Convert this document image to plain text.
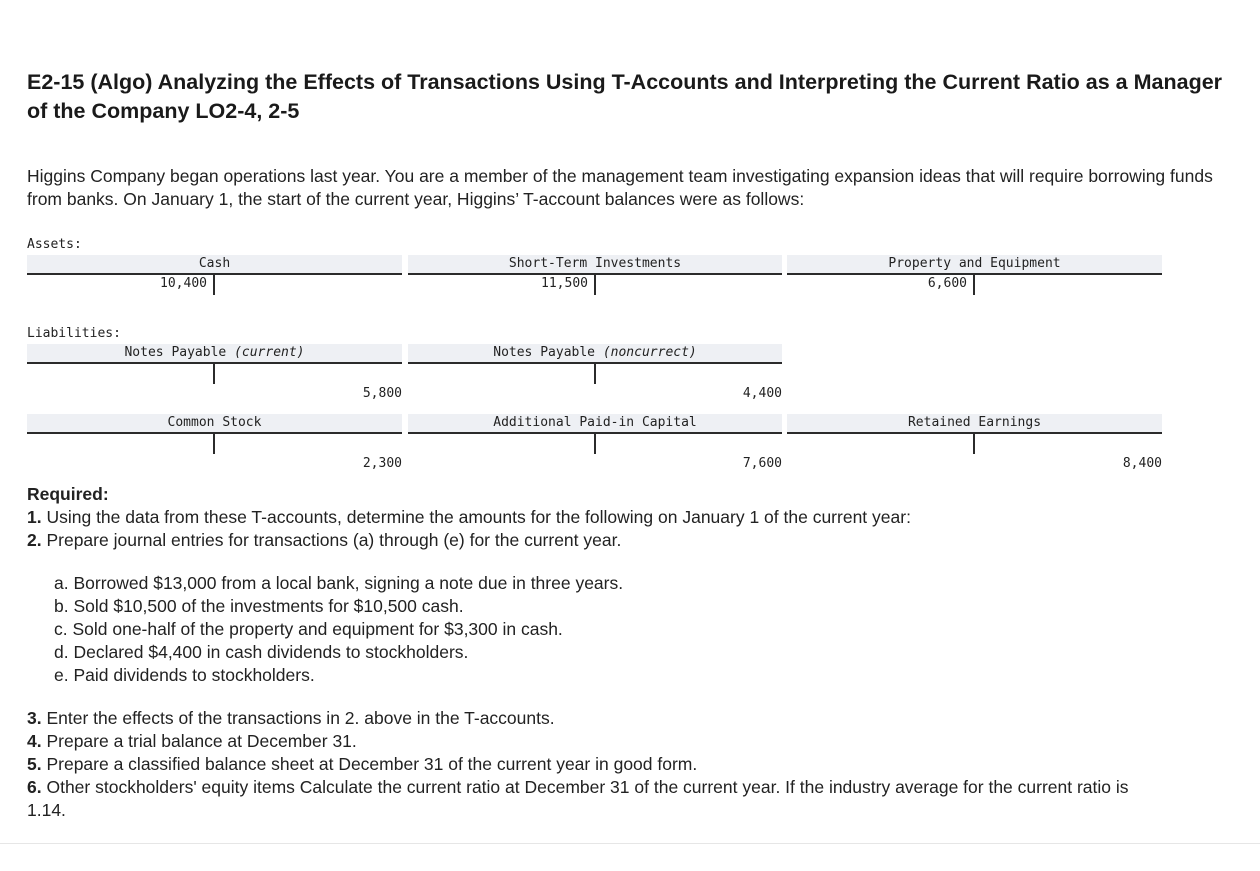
E2-15 (Algo) Analyzing the Effects of Transactions Using T-Accounts and Interpreting the Current Ratio as a Manager of the Company LO2-4, 2-5
Higgins Company began operations last year. You are a member of the management team investigating expansion ideas that will require borrowing funds from banks. On January 1, the start of the current year, Higgins’ T-account balances were as follows:
Assets:
Cash
10,400
Short-Term Investments
11,500
Property and Equipment
6,600
Liabilities:
Notes Payable (current)
5,800
Notes Payable (noncurrect)
4,400
Common Stock
2,300
Additional Paid-in Capital
7,600
Retained Earnings
8,400
Required:
1. Using the data from these T-accounts, determine the amounts for the following on January 1 of the current year:
2. Prepare journal entries for transactions (a) through (e) for the current year.
a. Borrowed $13,000 from a local bank, signing a note due in three years.
b. Sold $10,500 of the investments for $10,500 cash.
c. Sold one-half of the property and equipment for $3,300 in cash.
d. Declared $4,400 in cash dividends to stockholders.
e. Paid dividends to stockholders.
3. Enter the effects of the transactions in 2. above in the T-accounts.
4. Prepare a trial balance at December 31.
5. Prepare a classified balance sheet at December 31 of the current year in good form.
6. Other stockholders' equity items Calculate the current ratio at December 31 of the current year. If the industry average for the current ratio is 1.14.
